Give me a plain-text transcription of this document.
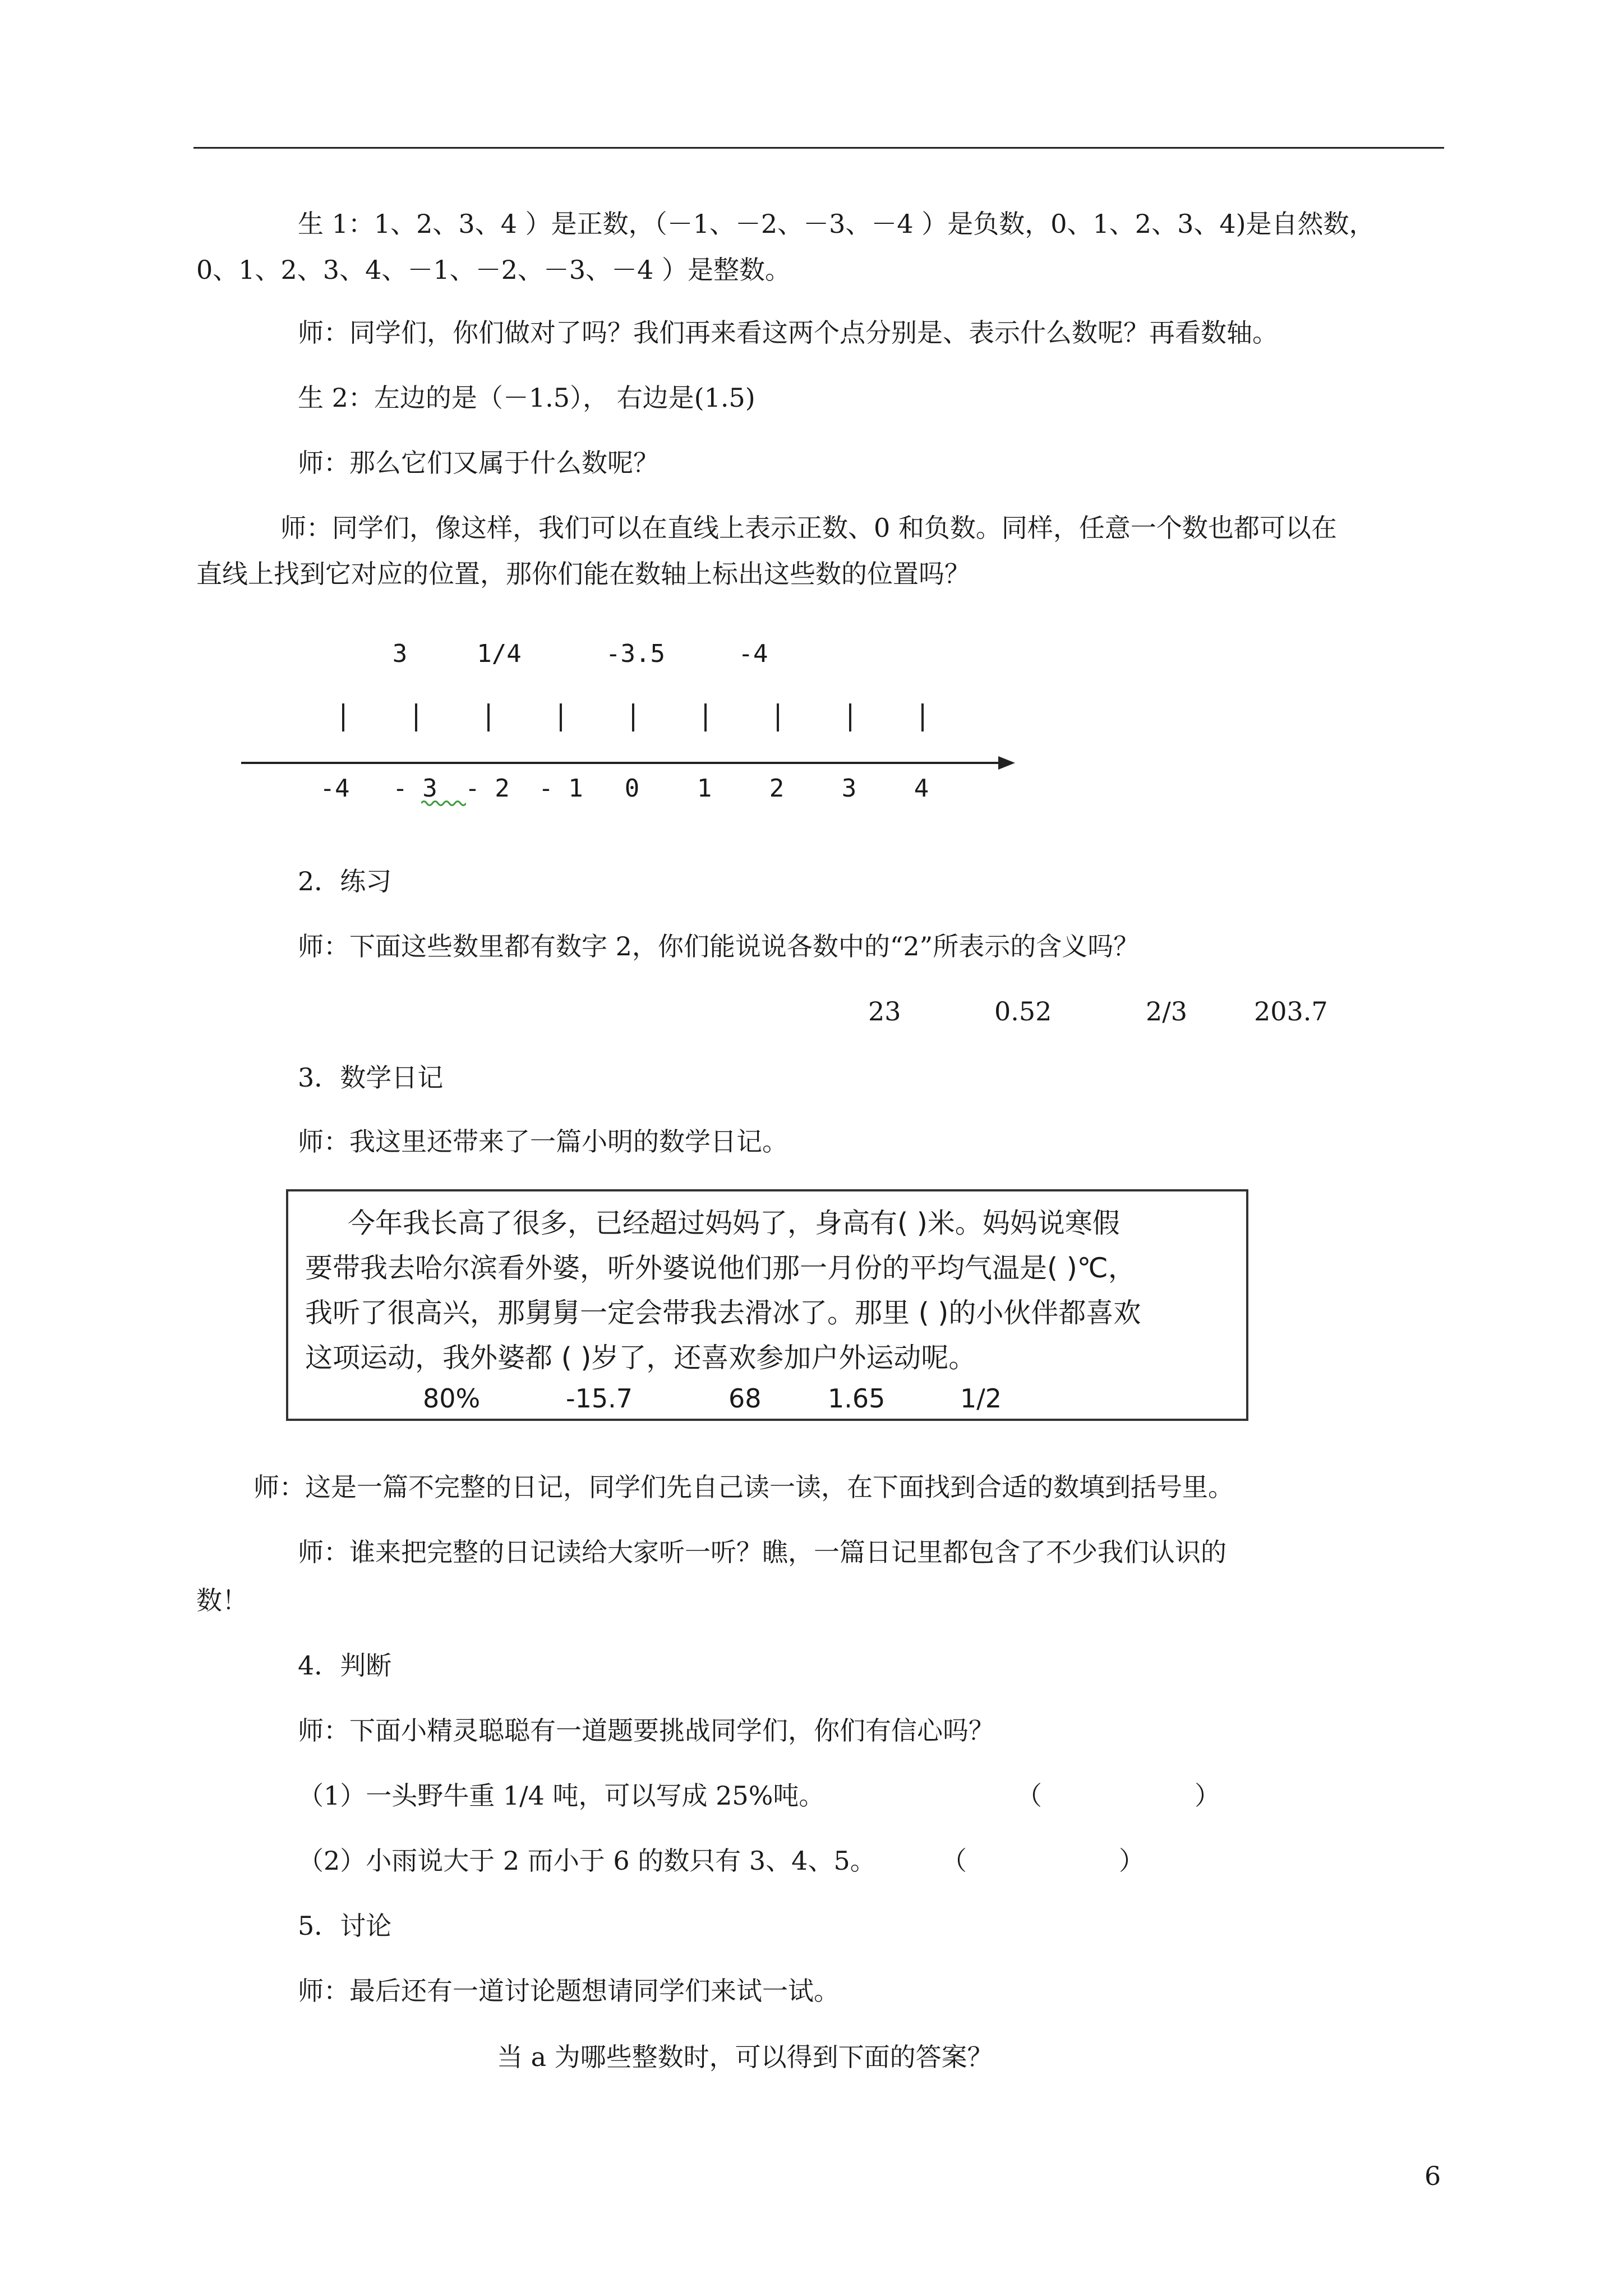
生 1：1、2、3、4 ）是正数，（－1、－2、－3、－4 ）是负数，0、1、2、3、4)是自然数，
0、1、2、3、4、－1、－2、－3、－4 ）是整数。
师：同学们，你们做对了吗？我们再来看这两个点分别是、表示什么数呢？再看数轴。
生 2：左边的是（－1.5）， 右边是(1.5)
师：那么它们又属于什么数呢？
师：同学们，像这样，我们可以在直线上表示正数、0 和负数。同样，任意一个数也都可以在
直线上找到它对应的位置，那你们能在数轴上标出这些数的位置吗？
3	1/4	-3.5	-4
-4 - 3 - 2 - 1 0 1 2 3 4
2．练习
师：下面这些数里都有数字 2，你们能说说各数中的“2”所表示的含义吗？
23	0.52	2/3	203.7
3．数学日记
师：我这里还带来了一篇小明的数学日记。
今年我长高了很多，已经超过妈妈了，身高有( )米。妈妈说寒假
要带我去哈尔滨看外婆，听外婆说他们那一月份的平均气温是( )℃，
我听了很高兴，那舅舅一定会带我去滑冰了。那里 ( )的小伙伴都喜欢
这项运动，我外婆都 ( )岁了，还喜欢参加户外运动呢。
80%	-15.7	68	1.65	1/2
师：这是一篇不完整的日记，同学们先自己读一读，在下面找到合适的数填到括号里。
师：谁来把完整的日记读给大家听一听？瞧，一篇日记里都包含了不少我们认识的
数！
4．判断
师：下面小精灵聪聪有一道题要挑战同学们，你们有信心吗？
（1）一头野牛重 1/4 吨，可以写成 25%吨。	（	）
（2）小雨说大于 2 而小于 6 的数只有 3、4、5。	（	）
5．讨论
师：最后还有一道讨论题想请同学们来试一试。
当 a 为哪些整数时，可以得到下面的答案？
6
